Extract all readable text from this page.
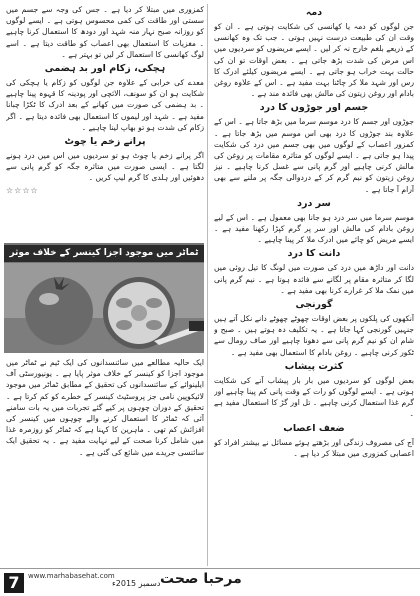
دمہ

جن لوگوں کو دمہ یا کھانسی کی شکایت ہوتی ہے ۔ ان کو وقت ان کی طبیعت درست نہیں ہوتی ۔ جب تک وہ کھانسی کے ذریعے بلغم خارج نہ کر لیں ۔ ایسے مریضوں کو سردیوں میں اس مرض کی شدت بڑھ جاتی ہے ۔ بعض اوقات تو ان کی حالت بہت خراب ہو جاتی ہے ۔ ایسے مریضوں کیلئے ادرک کا رس اور شہد ملا کر چاٹنا بہت مفید ہے ۔ اس کے علاوہ روغن بادام اور روغن زیتون کی مالش بھی فائدہ مند ہے ۔

جسم اور جوڑوں کا درد

جوڑوں اور جسم کا درد موسم سرما میں بڑھ جاتا ہے ۔ اس کے علاوہ بند جوڑوں کا درد بھی اس موسم میں بڑھ جاتا ہے ۔ کمزور اعصاب کے لوگوں میں بھی جسم میں درد کی شکایت پیدا ہو جاتی ہے ۔ ایسے لوگوں کو متاثرہ مقامات پر روغن کی مالش کرنی چاہیے اور گرم پانی سے غسل کرنا چاہیے ۔ نیز روغن زیتون کو نیم گرم کر کے دردوالی جگہ پر ملنے سے بھی آرام آ جاتا ہے ۔

سر درد

موسم سرما میں سر درد ہو جانا بھی معمول ہے ۔ اس کے لیے روغن بادام کی مالش اور سر پر گرم کپڑا رکھنا مفید ہے ۔ ایسے مریض کو چائے میں ادرک ملا کر پینا چاہیے ۔

دانت کا درد

دانت اور داڑھ میں درد کی صورت میں لونگ کا تیل روئی میں لگا کر متاثرہ مقام پر لگانے سے فائدہ ہوتا ہے ۔ نیم گرم پانی میں نمک ملا کر غرارے کرنا بھی مفید ہے ۔

گورنجی

آنکھوں کی پلکوں پر بعض اوقات چھوٹے چھوٹے دانے نکل آتے ہیں جنہیں گورنجی کہا جاتا ہے ۔ یہ تکلیف دہ ہوتے ہیں ۔ صبح و شام ان کو نیم گرم پانی سے دھونا چاہیے اور صاف رومال سے ٹکور کرنی چاہیے ۔ روغن بادام کا استعمال بھی مفید ہے ۔

کثرت پیشاب

بعض لوگوں کو سردیوں میں بار بار پیشاب آنے کی شکایت ہوتی ہے ۔ ایسے لوگوں کو رات کے وقت پانی کم پینا چاہیے اور گرم غذا استعمال کرنی چاہیے ۔ تل اور گڑ کا استعمال مفید ہے ۔

ضعف اعصاب

آج کی مصروف زندگی اور بڑھتے ہوئے مسائل نے بیشتر افراد کو اعصابی کمزوری میں مبتلا کر دیا ہے ۔

کمزوری میں مبتلا کر دیا ہے ۔ جس کی وجہ سے جسم میں سستی اور طاقت کی کمی محسوس ہوتی ہے ۔ ایسے لوگوں کو روزانہ صبح نہار منہ شہد اور دودھ کا استعمال کرنا چاہیے ۔ مغزیات کا استعمال بھی اعصاب کو طاقت دیتا ہے ۔ اسے لوگ کھانسی کا استعمال کر لیں تو بہتر ہے ۔

ہچکی، زکام اور بد ہضمی

معدے کی خرابی کے علاوہ جن لوگوں کو زکام یا ہچکی کی شکایت ہو ان کو سونف، الائچی اور پودینہ کا قہوہ پینا چاہیے ۔ بد ہضمی کی صورت میں کھانے کے بعد ادرک کا ٹکڑا چبانا مفید ہے ۔ شہد اور لیموں کا استعمال بھی فائدہ دیتا ہے ۔ اگر زکام کی شدت ہو تو بھاپ لینا چاہیے ۔

پرانے زخم یا چوٹ

اگر پرانے زخم یا چوٹ ہو تو سردیوں میں اس میں درد ہونے لگتا ہے ۔ ایسی صورت میں متاثرہ جگہ کو گرم پانی سے دھوئیں اور ہلدی کا گرم لیپ کریں ۔

☆☆☆☆
ٹماٹر میں موجود اجزا کینسر کے خلاف موثر

ایک حالیہ مطالعے میں سائنسدانوں کی ایک ٹیم نے ٹماٹر میں موجود اجزا کو کینسر کے خلاف موثر پایا ہے ۔ یونیورسٹی آف ایلینوائے کے سائنسدانوں کی تحقیق کے مطابق ٹماٹر میں موجود لائیکوپین نامی جز پروسٹیٹ کینسر کے خطرے کو کم کرتا ہے ۔ تحقیق کے دوران چوہوں پر کیے گئے تجربات میں یہ بات سامنے آئی کہ ٹماٹر کا استعمال کرنے والے چوہوں میں کینسر کی افزائش کم تھی ۔ ماہرین کا کہنا ہے کہ ٹماٹر کو روزمرہ غذا میں شامل کرنا صحت کے لیے نہایت مفید ہے ۔ یہ تحقیق ایک سائنسی جریدے میں شائع کی گئی ہے ۔

7	www.marhabasehat.com
دسمبر 2015ء مرحبا صحت
